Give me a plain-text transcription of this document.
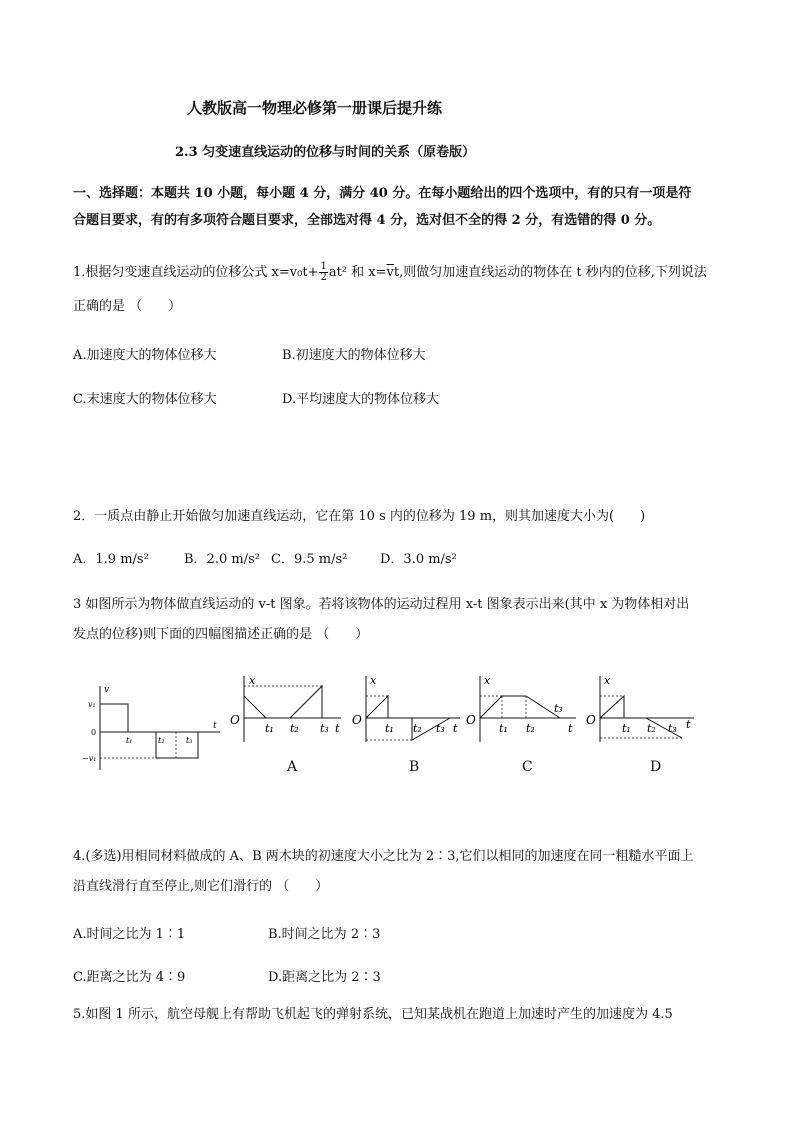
人教版高一物理必修第一册课后提升练
2.3 匀变速直线运动的位移与时间的关系（原卷版）
一、选择题：本题共 10 小题，每小题 4 分，满分 40 分。在每小题给出的四个选项中，有的只有一项是符
合题目要求，有的有多项符合题目要求，全部选对得 4 分，选对但不全的得 2 分，有选错的得 0 分。
1.根据匀变速直线运动的位移公式 $x=v_0t+ \frac{1}{2} at^2$ 和 $x=\overline{v}t$,则做匀加速直线运动的物体在 t 秒内的位移,下列说法
正确的是 （　　）
A.加速度大的物体位移大	B.初速度大的物体位移大
C.末速度大的物体位移大	D.平均速度大的物体位移大
2．一质点由静止开始做匀加速直线运动，它在第 10 s 内的位移为 19 m，则其加速度大小为(　　)
A．1.9 m/s²	B．2.0 m/s² C．9.5 m/s²	D．3.0 m/s²
3 如图所示为物体做直线运动的 v-t 图象。若将该物体的运动过程用 x-t 图象表示出来(其中 x 为物体相对出
发点的位移)则下面的四幅图描述正确的是 （　　）
v
v₁
0
−v₁
t
t₁	t₂	t₃
x
O
t₁ t₂ t₃ t
A
x
O
t₁ t₂ t₃ t
B
x
O
t₁ t₂
t₃
t
C
x
O
t₁ t₂ t₃ t
D
4.(多选)用相同材料做成的 A、B 两木块的初速度大小之比为 2∶3,它们以相同的加速度在同一粗糙水平面上
沿直线滑行直至停止,则它们滑行的 （　　）
A.时间之比为 1∶1	B.时间之比为 2∶3
C.距离之比为 4∶9	D.距离之比为 2∶3
5.如图 1 所示，航空母舰上有帮助飞机起飞的弹射系统，已知某战机在跑道上加速时产生的加速度为 4.5
